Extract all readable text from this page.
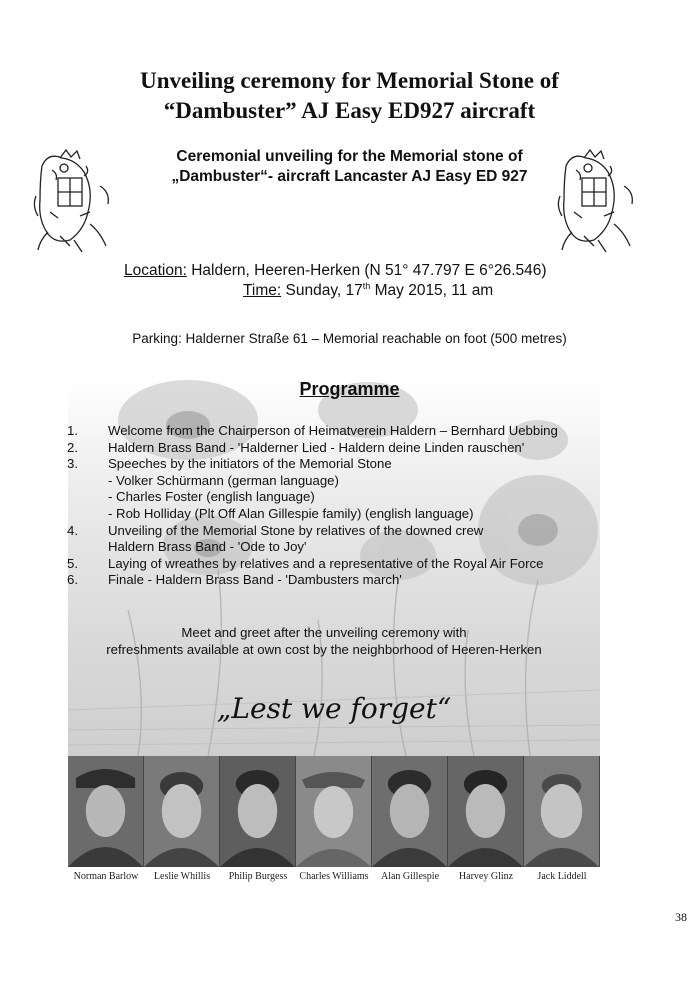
Unveiling ceremony for Memorial Stone of
“Dambuster” AJ Easy ED927 aircraft
Ceremonial unveiling for the Memorial stone of
„Dambuster“- aircraft Lancaster AJ Easy ED 927
Location: Haldern, Heeren-Herken (N 51° 47.797 E 6°26.546)
Time: Sunday, 17th May 2015, 11 am
Parking: Halderner Straße 61 – Memorial reachable on foot (500 metres)
Programme
1. Welcome from the Chairperson of Heimatverein Haldern – Bernhard Uebbing
2. Haldern Brass Band - 'Halderner Lied - Haldern deine Linden rauschen'
3. Speeches by the initiators of the Memorial Stone
- Volker Schürmann (german language)
- Charles Foster (english language)
- Rob Holliday (Plt Off Alan Gillespie family) (english language)
4. Unveiling of the Memorial Stone by relatives of the downed crew
Haldern Brass Band - 'Ode to Joy'
5. Laying of wreathes by relatives and a representative of the Royal Air Force
6. Finale - Haldern Brass Band - 'Dambusters march'
Meet and greet after the unveiling ceremony with
refreshments available at own cost by the neighborhood of Heeren-Herken
„Lest we forget“
Norman Barlow	Leslie Whillis	Philip Burgess	Charles Williams	Alan Gillespie	Harvey Glinz	Jack Liddell
38
